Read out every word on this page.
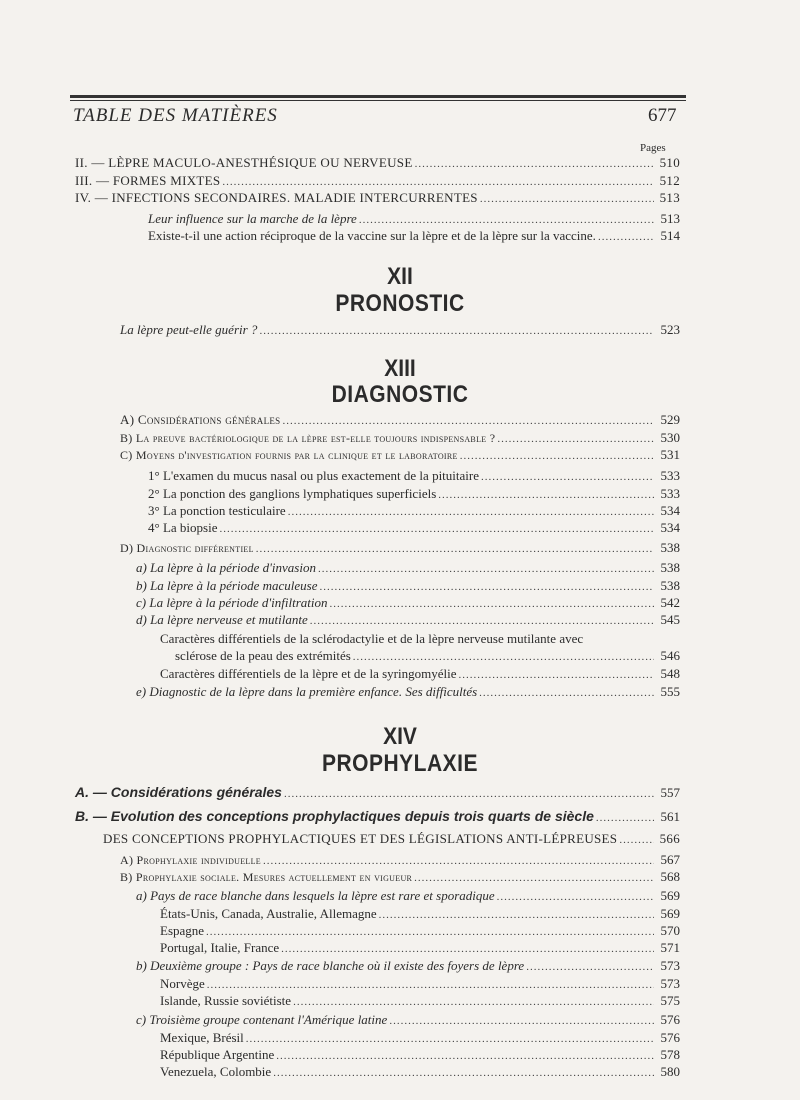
TABLE DES MATIÈRES	677
Pages
II. — LÈPRE MACULO-ANESTHÉSIQUE OU NERVEUSE .....	510
III. — FORMES MIXTES .....	512
IV. — INFECTIONS SECONDAIRES. MALADIE INTERCURRENTES .....	513
Leur influence sur la marche de la lèpre .....	513
Existe-t-il une action réciproque de la vaccine sur la lèpre et de la lèpre sur la vaccine. .....	514
XII
PRONOSTIC
La lèpre peut-elle guérir ? .....	523
XIII
DIAGNOSTIC
A) Considérations générales .....	529
B) La preuve bactériologique de la lèpre est-elle toujours indispensable ? .....	530
C) Moyens d'investigation fournis par la clinique et le laboratoire .....	531
1° L'examen du mucus nasal ou plus exactement de la pituitaire .....	533
2° La ponction des ganglions lymphatiques superficiels .....	533
3° La ponction testiculaire .....	534
4° La biopsie .....	534
D) Diagnostic différentiel .....	538
a) La lèpre à la période d'invasion .....	538
b) La lèpre à la période maculeuse .....	538
c) La lèpre à la période d'infiltration .....	542
d) La lèpre nerveuse et mutilante .....	545
Caractères différentiels de la sclérodactylie et de la lèpre nerveuse mutilante avec
sclérose de la peau des extrémités .....	546
Caractères différentiels de la lèpre et de la syringomyélie .....	548
e) Diagnostic de la lèpre dans la première enfance. Ses difficultés .....	555
XIV
PROPHYLAXIE
A. — Considérations générales .....	557
B. — Evolution des conceptions prophylactiques depuis trois quarts de siècle .....	561
DES CONCEPTIONS PROPHYLACTIQUES ET DES LÉGISLATIONS ANTI-LÉPREUSES .....	566
A) Prophylaxie individuelle .....	567
B) Prophylaxie sociale. Mesures actuellement en vigueur .....	568
a) Pays de race blanche dans lesquels la lèpre est rare et sporadique .....	569
États-Unis, Canada, Australie, Allemagne .....	569
Espagne .....	570
Portugal, Italie, France .....	571
b) Deuxième groupe : Pays de race blanche où il existe des foyers de lèpre .....	573
Norvège .....	573
Islande, Russie soviétiste .....	575
c) Troisième groupe contenant l'Amérique latine .....	576
Mexique, Brésil .....	576
République Argentine .....	578
Venezuela, Colombie .....	580
